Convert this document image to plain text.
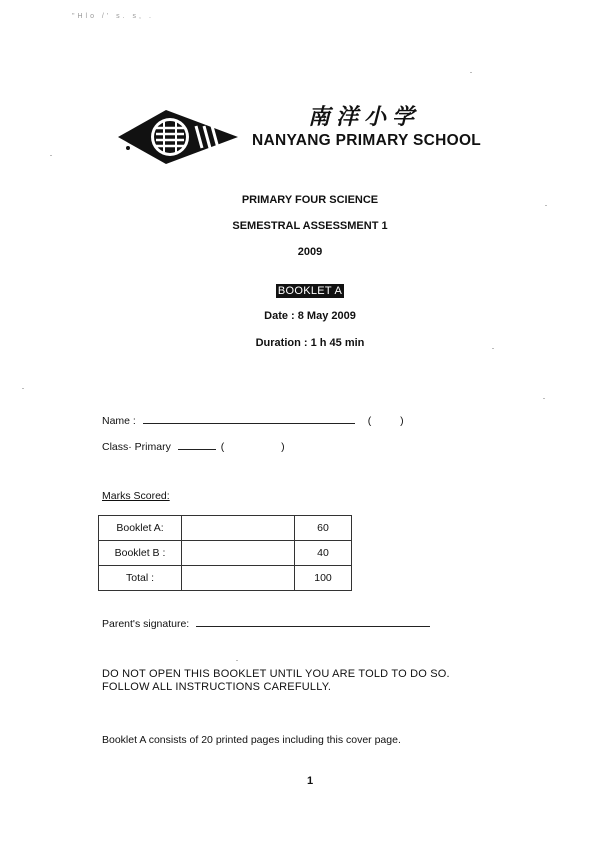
"Hlo /' s. s, .
南洋小学
NANYANG PRIMARY SCHOOL
PRIMARY FOUR SCIENCE
SEMESTRAL ASSESSMENT 1
2009
BOOKLET A
Date : 8 May 2009
Duration : 1 h 45 min
Name :	(	)
Class· Primary	(	)
Marks Scored:
Booklet A:		60
Booklet B :		40
Total :		100
Parent's signature:
DO NOT OPEN THIS BOOKLET UNTIL YOU ARE TOLD TO DO SO.
FOLLOW ALL INSTRUCTIONS CAREFULLY.
Booklet A consists of 20 printed pages including this cover page.
1
